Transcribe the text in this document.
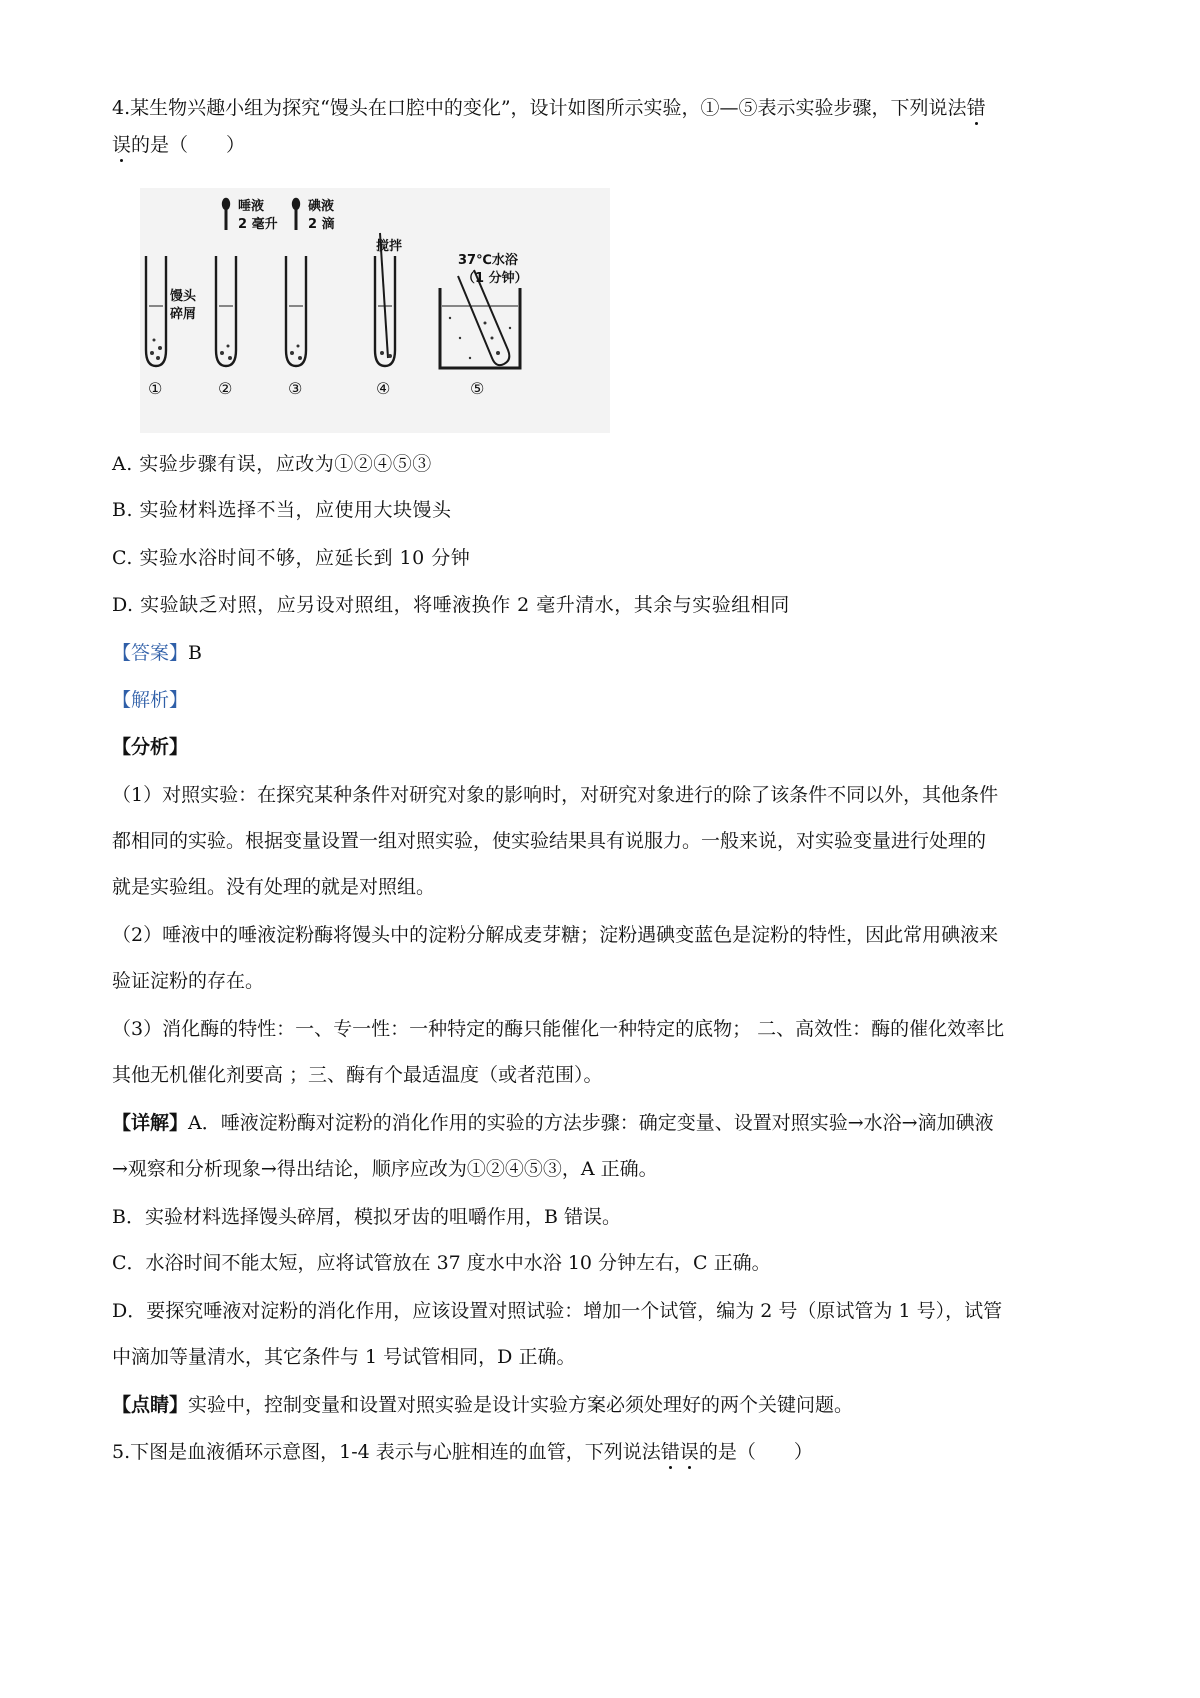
4.某生物兴趣小组为探究“馒头在口腔中的变化”，设计如图所示实验，①—⑤表示实验步骤，下列说法错
误的是（　　）
唾液
2 毫升
碘液
2 滴
搅拌
馒头
碎屑
37℃水浴
（1 分钟）
①	②	③	④	⑤
A. 实验步骤有误，应改为①②④⑤③
B. 实验材料选择不当，应使用大块馒头
C. 实验水浴时间不够，应延长到 10 分钟
D. 实验缺乏对照，应另设对照组，将唾液换作 2 毫升清水，其余与实验组相同
【答案】B
【解析】
【分析】
（1）对照实验：在探究某种条件对研究对象的影响时，对研究对象进行的除了该条件不同以外，其他条件
都相同的实验。根据变量设置一组对照实验，使实验结果具有说服力。一般来说，对实验变量进行处理的
就是实验组。没有处理的就是对照组。
（2）唾液中的唾液淀粉酶将馒头中的淀粉分解成麦芽糖；淀粉遇碘变蓝色是淀粉的特性，因此常用碘液来
验证淀粉的存在。
（3）消化酶的特性：一、专一性：一种特定的酶只能催化一种特定的底物； 二、高效性：酶的催化效率比
其他无机催化剂要高 ；三、酶有个最适温度（或者范围）。
【详解】A．唾液淀粉酶对淀粉的消化作用的实验的方法步骤：确定变量、设置对照实验→水浴→滴加碘液
→观察和分析现象→得出结论，顺序应改为①②④⑤③，A 正确。
B．实验材料选择馒头碎屑，模拟牙齿的咀嚼作用，B 错误。
C．水浴时间不能太短，应将试管放在 37 度水中水浴 10 分钟左右，C 正确。
D．要探究唾液对淀粉的消化作用，应该设置对照试验：增加一个试管，编为 2 号（原试管为 1 号），试管
中滴加等量清水，其它条件与 1 号试管相同，D 正确。
【点睛】实验中，控制变量和设置对照实验是设计实验方案必须处理好的两个关键问题。
5.下图是血液循环示意图，1-4 表示与心脏相连的血管，下列说法错误的是（　　）
